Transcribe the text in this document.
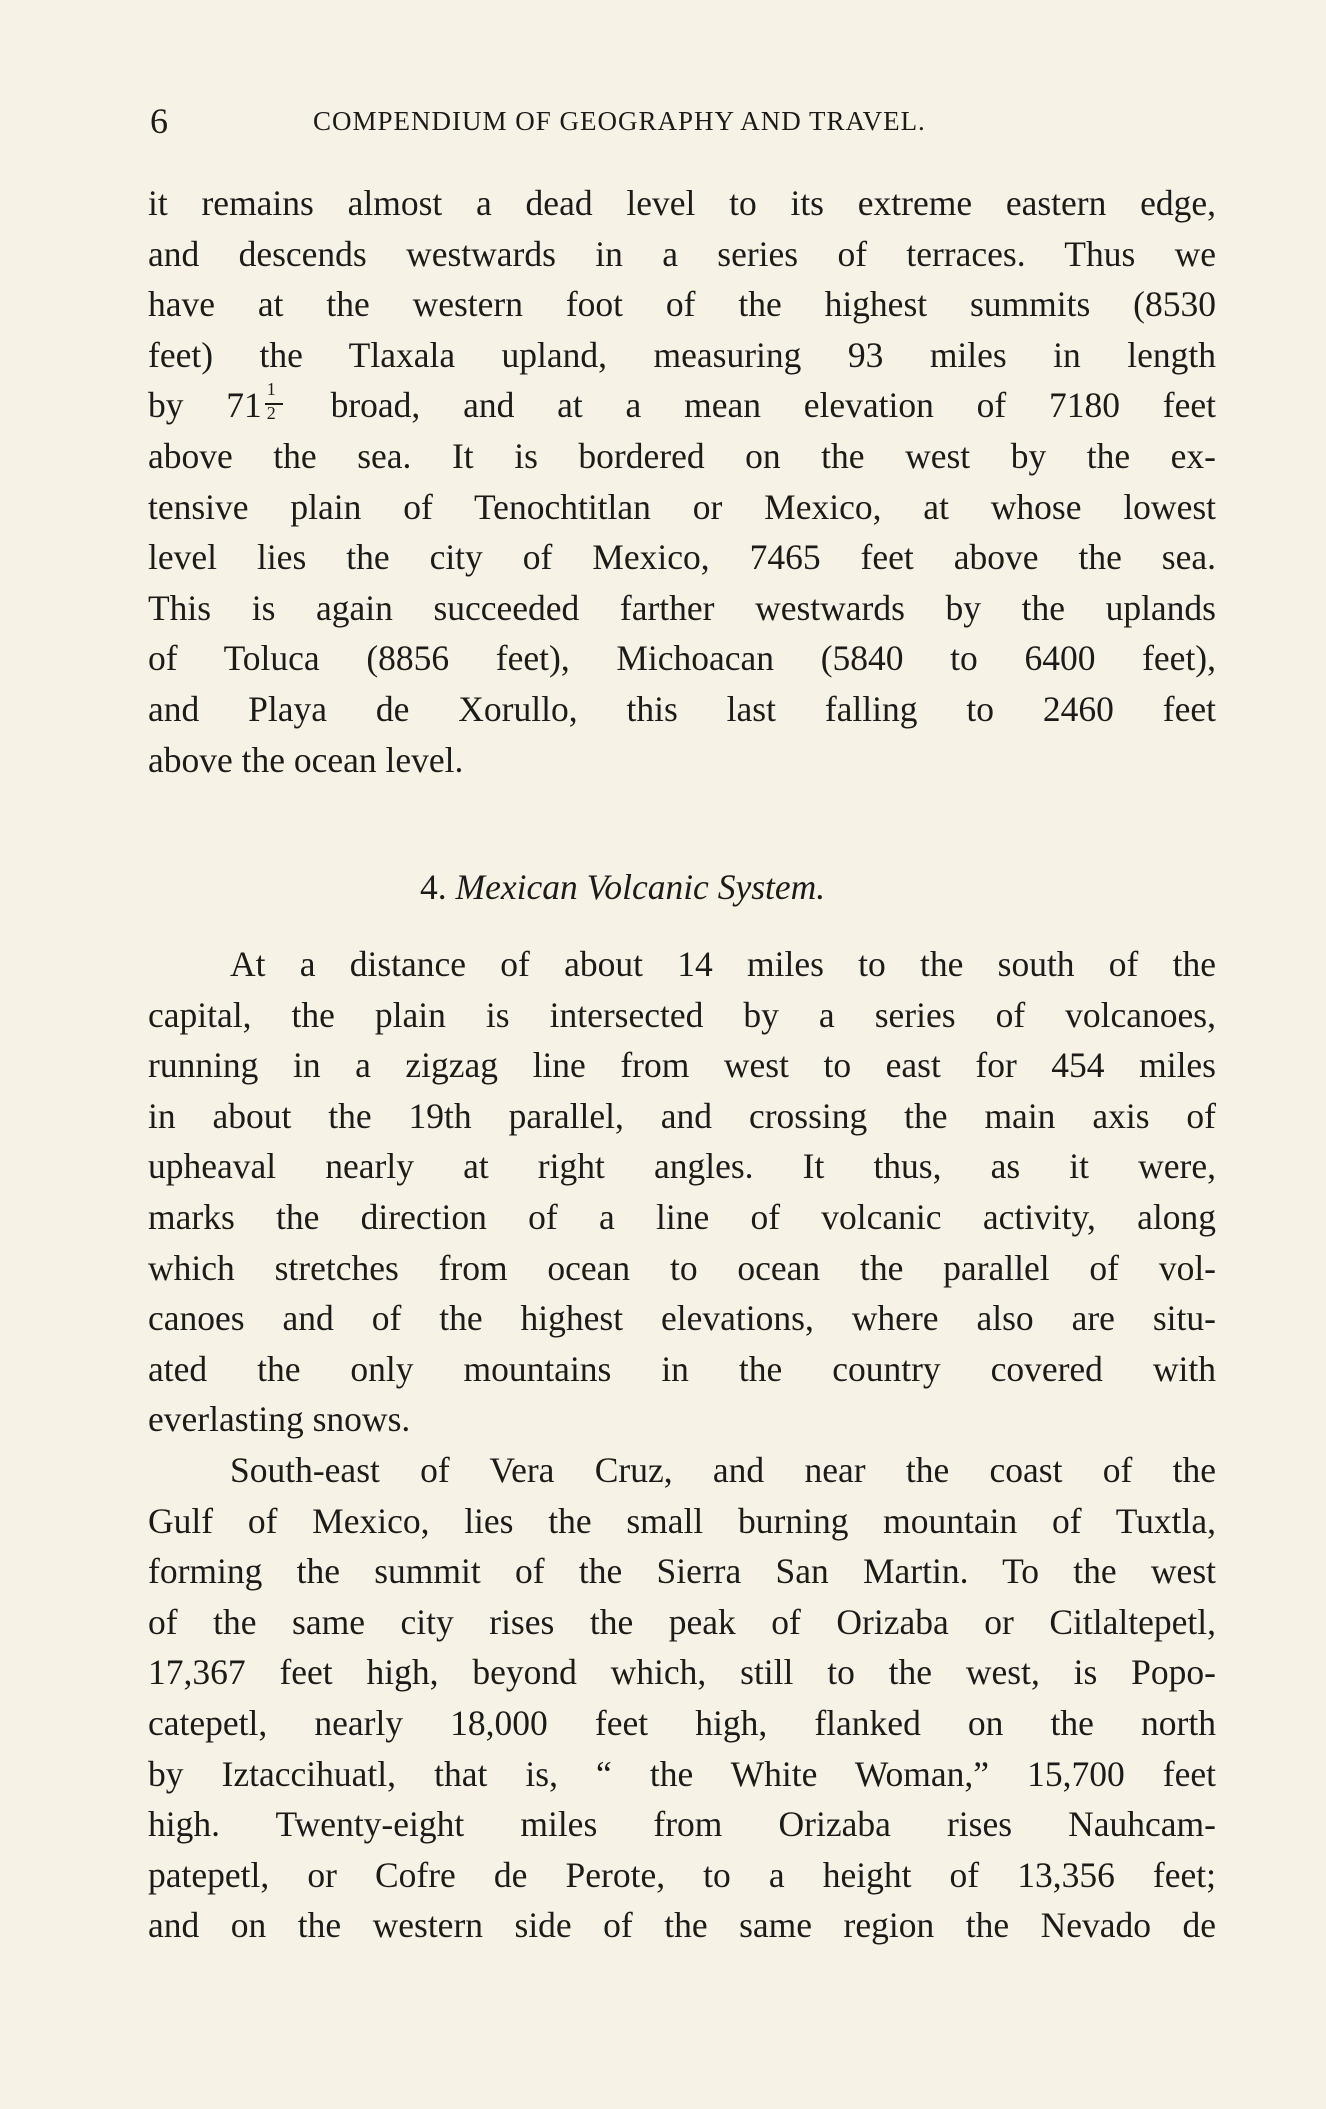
6	COMPENDIUM OF GEOGRAPHY AND TRAVEL.
it remains almost a dead level to its extreme eastern edge,
and descends westwards in a series of terraces. Thus we
have at the western foot of the highest summits (8530
feet) the Tlaxala upland, measuring 93 miles in length
by $71 \frac{1}{2}$ broad, and at a mean elevation of 7180 feet
above the sea. It is bordered on the west by the ex-
tensive plain of Tenochtitlan or Mexico, at whose lowest
level lies the city of Mexico, 7465 feet above the sea.
This is again succeeded farther westwards by the uplands
of Toluca (8856 feet), Michoacan (5840 to 6400 feet),
and Playa de Xorullo, this last falling to 2460 feet
above the ocean level.
4. Mexican Volcanic System.
At a distance of about 14 miles to the south of the
capital, the plain is intersected by a series of volcanoes,
running in a zigzag line from west to east for 454 miles
in about the 19th parallel, and crossing the main axis of
upheaval nearly at right angles. It thus, as it were,
marks the direction of a line of volcanic activity, along
which stretches from ocean to ocean the parallel of vol-
canoes and of the highest elevations, where also are situ-
ated the only mountains in the country covered with
everlasting snows.
South-east of Vera Cruz, and near the coast of the
Gulf of Mexico, lies the small burning mountain of Tuxtla,
forming the summit of the Sierra San Martin. To the west
of the same city rises the peak of Orizaba or Citlaltepetl,
17,367 feet high, beyond which, still to the west, is Popo-
catepetl, nearly 18,000 feet high, flanked on the north
by Iztaccihuatl, that is, “ the White Woman,” 15,700 feet
high. Twenty-eight miles from Orizaba rises Nauhcam-
patepetl, or Cofre de Perote, to a height of 13,356 feet;
and on the western side of the same region the Nevado de
